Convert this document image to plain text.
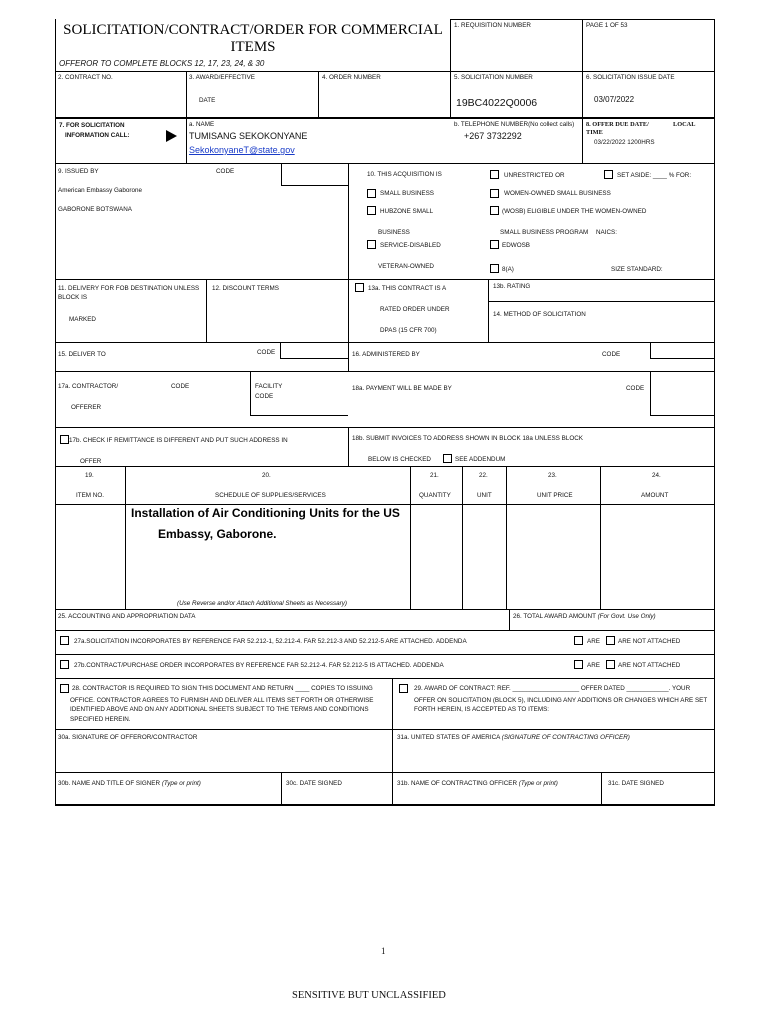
SOLICITATION/CONTRACT/ORDER FOR COMMERCIAL
ITEMS
OFFEROR TO COMPLETE BLOCKS 12, 17, 23, 24, & 30
1. REQUISITION NUMBER	PAGE 1 OF 53
2. CONTRACT NO.	3. AWARD/EFFECTIVE
DATE
4. ORDER NUMBER	5. SOLICITATION NUMBER
19BC4022Q0006
6. SOLICITATION ISSUE DATE
03/07/2022
7. FOR SOLICITATION
INFORMATION CALL:
a. NAME
TUMISANG SEKOKONYANE
SekokonyaneT@state.gov
b. TELEPHONE NUMBER(No collect calls)
+267 3732292
8. OFFER DUE DATE/	LOCAL
TIME
03/22/2022 1200HRS
9. ISSUED BY	CODE
American Embassy Gaborone
GABORONE BOTSWANA
10. THIS ACQUISITION IS	UNRESTRICTED OR	SET ASIDE: ____ % FOR:
SMALL BUSINESS	WOMEN-OWNED SMALL BUSINESS
HUBZONE SMALL	(WOSB) ELIGIBLE UNDER THE WOMEN-OWNED
BUSINESS	SMALL BUSINESS PROGRAM NAICS:
SERVICE-DISABLED	EDWOSB
VETERAN-OWNED	8(A)	SIZE STANDARD:
11. DELIVERY FOR FOB DESTINATION UNLESS
BLOCK IS
MARKED
12. DISCOUNT TERMS	13a. THIS CONTRACT IS A
RATED ORDER UNDER
DPAS (15 CFR 700)
13b. RATING
14. METHOD OF SOLICITATION
15. DELIVER TO	CODE	16. ADMINISTERED BY	CODE
17a. CONTRACTOR/	CODE	FACILITY
CODE
OFFERER
18a. PAYMENT WILL BE MADE BY	CODE
17b. CHECK IF REMITTANCE IS DIFFERENT AND PUT SUCH ADDRESS IN
OFFER
18b. SUBMIT INVOICES TO ADDRESS SHOWN IN BLOCK 18a UNLESS BLOCK
BELOW IS CHECKED	SEE ADDENDUM
19.	20.	21.	22.	23.	24.
ITEM NO.	SCHEDULE OF SUPPLIES/SERVICES	QUANTITY	UNIT	UNIT PRICE	AMOUNT
Installation of Air Conditioning Units for the US
Embassy, Gaborone.
(Use Reverse and/or Attach Additional Sheets as Necessary)
25. ACCOUNTING AND APPROPRIATION DATA	26. TOTAL AWARD AMOUNT (For Govt. Use Only)
27a.SOLICITATION INCORPORATES BY REFERENCE FAR 52.212-1, 52.212-4. FAR 52.212-3 AND 52.212-5 ARE ATTACHED. ADDENDA	ARE	ARE NOT ATTACHED
27b.CONTRACT/PURCHASE ORDER INCORPORATES BY REFERENCE FAR 52.212-4. FAR 52.212-5 IS ATTACHED. ADDENDA	ARE	ARE NOT ATTACHED
28. CONTRACTOR IS REQUIRED TO SIGN THIS DOCUMENT AND RETURN ____ COPIES TO ISSUING
OFFICE. CONTRACTOR AGREES TO FURNISH AND DELIVER ALL ITEMS SET FORTH OR OTHERWISE
IDENTIFIED ABOVE AND ON ANY ADDITIONAL SHEETS SUBJECT TO THE TERMS AND CONDITIONS
SPECIFIED HEREIN.
29. AWARD OF CONTRACT: REF. ___________________ OFFER DATED ____________. YOUR
OFFER ON SOLICITATION (BLOCK 5), INCLUDING ANY ADDITIONS OR CHANGES WHICH ARE SET
FORTH HEREIN, IS ACCEPTED AS TO ITEMS:
30a. SIGNATURE OF OFFEROR/CONTRACTOR	31a. UNITED STATES OF AMERICA (SIGNATURE OF CONTRACTING OFFICER)
30b. NAME AND TITLE OF SIGNER (Type or print)	30c. DATE SIGNED	31b. NAME OF CONTRACTING OFFICER (Type or print)	31c. DATE SIGNED
1
SENSITIVE BUT UNCLASSIFIED
